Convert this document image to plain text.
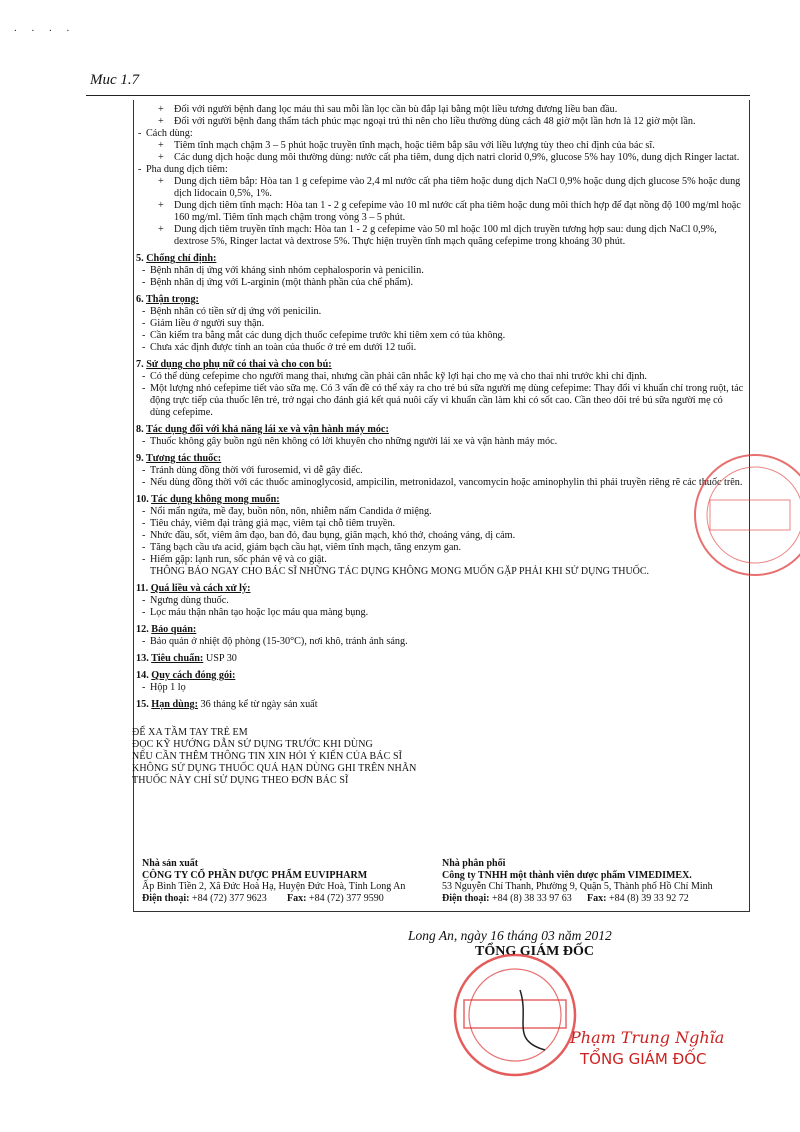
. . . .
Muc 1.7
+ Đối với người bệnh đang lọc máu thì sau mỗi lần lọc cần bù đắp lại bằng một liều tương đương liều ban đầu.
+ Đối với người bệnh đang thẩm tách phúc mạc ngoại trú thì nên cho liều thường dùng cách 48 giờ một lần hơn là 12 giờ một lần.
- Cách dùng:
+ Tiêm tĩnh mạch chậm 3 – 5 phút hoặc truyền tĩnh mạch, hoặc tiêm bắp sâu với liều lượng tùy theo chỉ định của bác sĩ.
+ Các dung dịch hoặc dung môi thường dùng: nước cất pha tiêm, dung dịch natri clorid 0,9%, glucose 5% hay 10%, dung dịch Ringer lactat.
- Pha dung dịch tiêm:
+ Dung dịch tiêm bắp: Hòa tan 1 g cefepime vào 2,4 ml nước cất pha tiêm hoặc dung dịch NaCl 0,9% hoặc dung dịch glucose 5% hoặc dung dịch lidocain 0,5%, 1%.
+ Dung dịch tiêm tĩnh mạch: Hòa tan 1 - 2 g cefepime vào 10 ml nước cất pha tiêm hoặc dung môi thích hợp để đạt nồng độ 100 mg/ml hoặc 160 mg/ml. Tiêm tĩnh mạch chậm trong vòng 3 – 5 phút.
+ Dung dịch tiêm truyền tĩnh mạch: Hòa tan 1 - 2 g cefepime vào 50 ml hoặc 100 ml dịch truyền tương hợp sau: dung dịch NaCl 0,9%, dextrose 5%, Ringer lactat và dextrose 5%. Thực hiện truyền tĩnh mạch quãng cefepime trong khoảng 30 phút.
5. Chống chỉ định:
- Bệnh nhân dị ứng với kháng sinh nhóm cephalosporin và penicilin.
- Bệnh nhân dị ứng với L-arginin (một thành phần của chế phẩm).
6. Thận trọng:
- Bệnh nhân có tiền sử dị ứng với penicilin.
- Giảm liều ở người suy thận.
- Cần kiểm tra bằng mắt các dung dịch thuốc cefepime trước khi tiêm xem có tủa không.
- Chưa xác định được tính an toàn của thuốc ở trẻ em dưới 12 tuổi.
7. Sử dụng cho phụ nữ có thai và cho con bú:
- Có thể dùng cefepime cho người mang thai, nhưng cần phải cân nhắc kỹ lợi hại cho mẹ và cho thai nhi trước khi chỉ định.
- Một lượng nhỏ cefepime tiết vào sữa mẹ. Có 3 vấn đề có thể xảy ra cho trẻ bú sữa người mẹ dùng cefepime: Thay đổi vi khuẩn chí trong ruột, tác động trực tiếp của thuốc lên trẻ, trở ngại cho đánh giá kết quả nuôi cấy vi khuẩn cần làm khi có sốt cao. Cần theo dõi trẻ bú sữa người mẹ có dùng cefepime.
8. Tác dụng đối với khả năng lái xe và vận hành máy móc:
- Thuốc không gây buồn ngủ nên không có lời khuyên cho những người lái xe và vận hành máy móc.
9. Tương tác thuốc:
- Tránh dùng đồng thời với furosemid, vì dễ gây điếc.
- Nếu dùng đồng thời với các thuốc aminoglycosid, ampicilin, metronidazol, vancomycin hoặc aminophylin thì phải truyền riêng rẽ các thuốc trên.
10. Tác dụng không mong muốn:
- Nổi mẩn ngứa, mề đay, buồn nôn, nôn, nhiễm nấm Candida ở miệng.
- Tiêu chảy, viêm đại tràng giả mạc, viêm tại chỗ tiêm truyền.
- Nhức đầu, sốt, viêm âm đạo, ban đỏ, đau bụng, giãn mạch, khó thở, choáng váng, dị cảm.
- Tăng bạch cầu ưa acid, giảm bạch cầu hạt, viêm tĩnh mạch, tăng enzym gan.
- Hiếm gặp: lạnh run, sốc phản vệ và co giật.
THÔNG BÁO NGAY CHO BÁC SĨ NHỮNG TÁC DỤNG KHÔNG MONG MUỐN GẶP PHẢI KHI SỬ DỤNG THUỐC.
11. Quá liều và cách xử lý:
- Ngưng dùng thuốc.
- Lọc máu thận nhân tạo hoặc lọc máu qua màng bụng.
12. Bảo quản:
- Bảo quản ở nhiệt độ phòng (15-30°C), nơi khô, tránh ánh sáng.
13. Tiêu chuẩn: USP 30
14. Quy cách đóng gói:
- Hộp 1 lọ
15. Hạn dùng: 36 tháng kể từ ngày sản xuất
ĐỂ XA TẦM TAY TRẺ EM
ĐỌC KỸ HƯỚNG DẪN SỬ DỤNG TRƯỚC KHI DÙNG
NẾU CẦN THÊM THÔNG TIN XIN HỎI Ý KIẾN CỦA BÁC SĨ
KHÔNG SỬ DỤNG THUỐC QUÁ HẠN DÙNG GHI TRÊN NHÃN
THUỐC NÀY CHỈ SỬ DỤNG THEO ĐƠN BÁC SĨ
Nhà sản xuất
CÔNG TY CỔ PHẦN DƯỢC PHẨM EUVIPHARM
Ấp Bình Tiền 2, Xã Đức Hoà Hạ, Huyện Đức Hoà, Tỉnh Long An
Điện thoại: +84 (72) 377 9623 Fax: +84 (72) 377 9590
Nhà phân phối
Công ty TNHH một thành viên dược phẩm VIMEDIMEX.
53 Nguyễn Chí Thanh, Phường 9, Quận 5, Thành phố Hồ Chí Minh
Điện thoại: +84 (8) 38 33 97 63 Fax: +84 (8) 39 33 92 72
Long An, ngày 16 tháng 03 năm 2012
TỔNG GIÁM ĐỐC
Phạm Trung Nghĩa
TỔNG GIÁM ĐỐC
